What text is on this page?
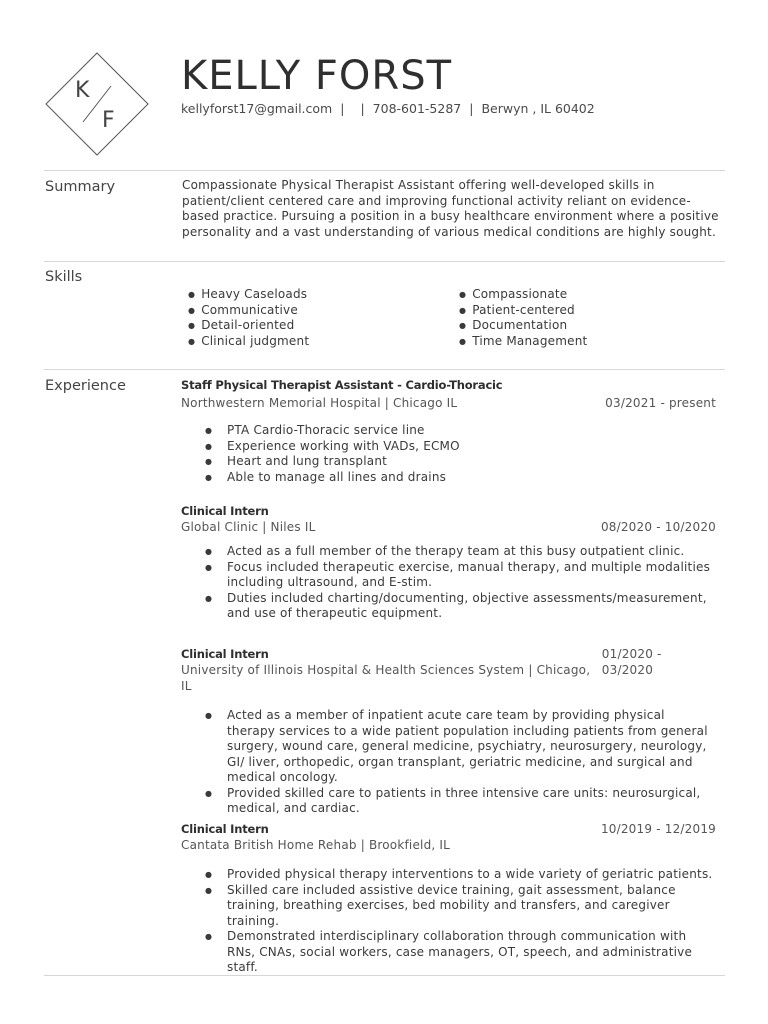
K
F
KELLY FORST
kellyforst17@gmail.com | | 708-601-5287 | Berwyn , IL 60402
Summary	Compassionate Physical Therapist Assistant offering well-developed skills in patient/client centered care and improving functional activity reliant on evidence-based practice. Pursuing a position in a busy healthcare environment where a positive personality and a vast understanding of various medical conditions are highly sought.
Skills
● Heavy Caseloads
● Communicative
● Detail-oriented
● Clinical judgment
● Compassionate
● Patient-centered
● Documentation
● Time Management
Experience	Staff Physical Therapist Assistant - Cardio-Thoracic
Northwestern Memorial Hospital | Chicago IL	03/2021 - present
● PTA Cardio-Thoracic service line
● Experience working with VADs, ECMO
● Heart and lung transplant
● Able to manage all lines and drains
Clinical Intern
Global Clinic | Niles IL	08/2020 - 10/2020
● Acted as a full member of the therapy team at this busy outpatient clinic.
● Focus included therapeutic exercise, manual therapy, and multiple modalities including ultrasound, and E-stim.
● Duties included charting/documenting, objective assessments/measurement, and use of therapeutic equipment.
Clinical Intern
University of Illinois Hospital & Health Sciences System | Chicago, IL
01/2020 - 03/2020
● Acted as a member of inpatient acute care team by providing physical therapy services to a wide patient population including patients from general surgery, wound care, general medicine, psychiatry, neurosurgery, neurology, GI/ liver, orthopedic, organ transplant, geriatric medicine, and surgical and medical oncology.
● Provided skilled care to patients in three intensive care units: neurosurgical, medical, and cardiac.
Clinical Intern
Cantata British Home Rehab | Brookfield, IL
10/2019 - 12/2019
● Provided physical therapy interventions to a wide variety of geriatric patients.
● Skilled care included assistive device training, gait assessment, balance training, breathing exercises, bed mobility and transfers, and caregiver training.
● Demonstrated interdisciplinary collaboration through communication with RNs, CNAs, social workers, case managers, OT, speech, and administrative staff.
